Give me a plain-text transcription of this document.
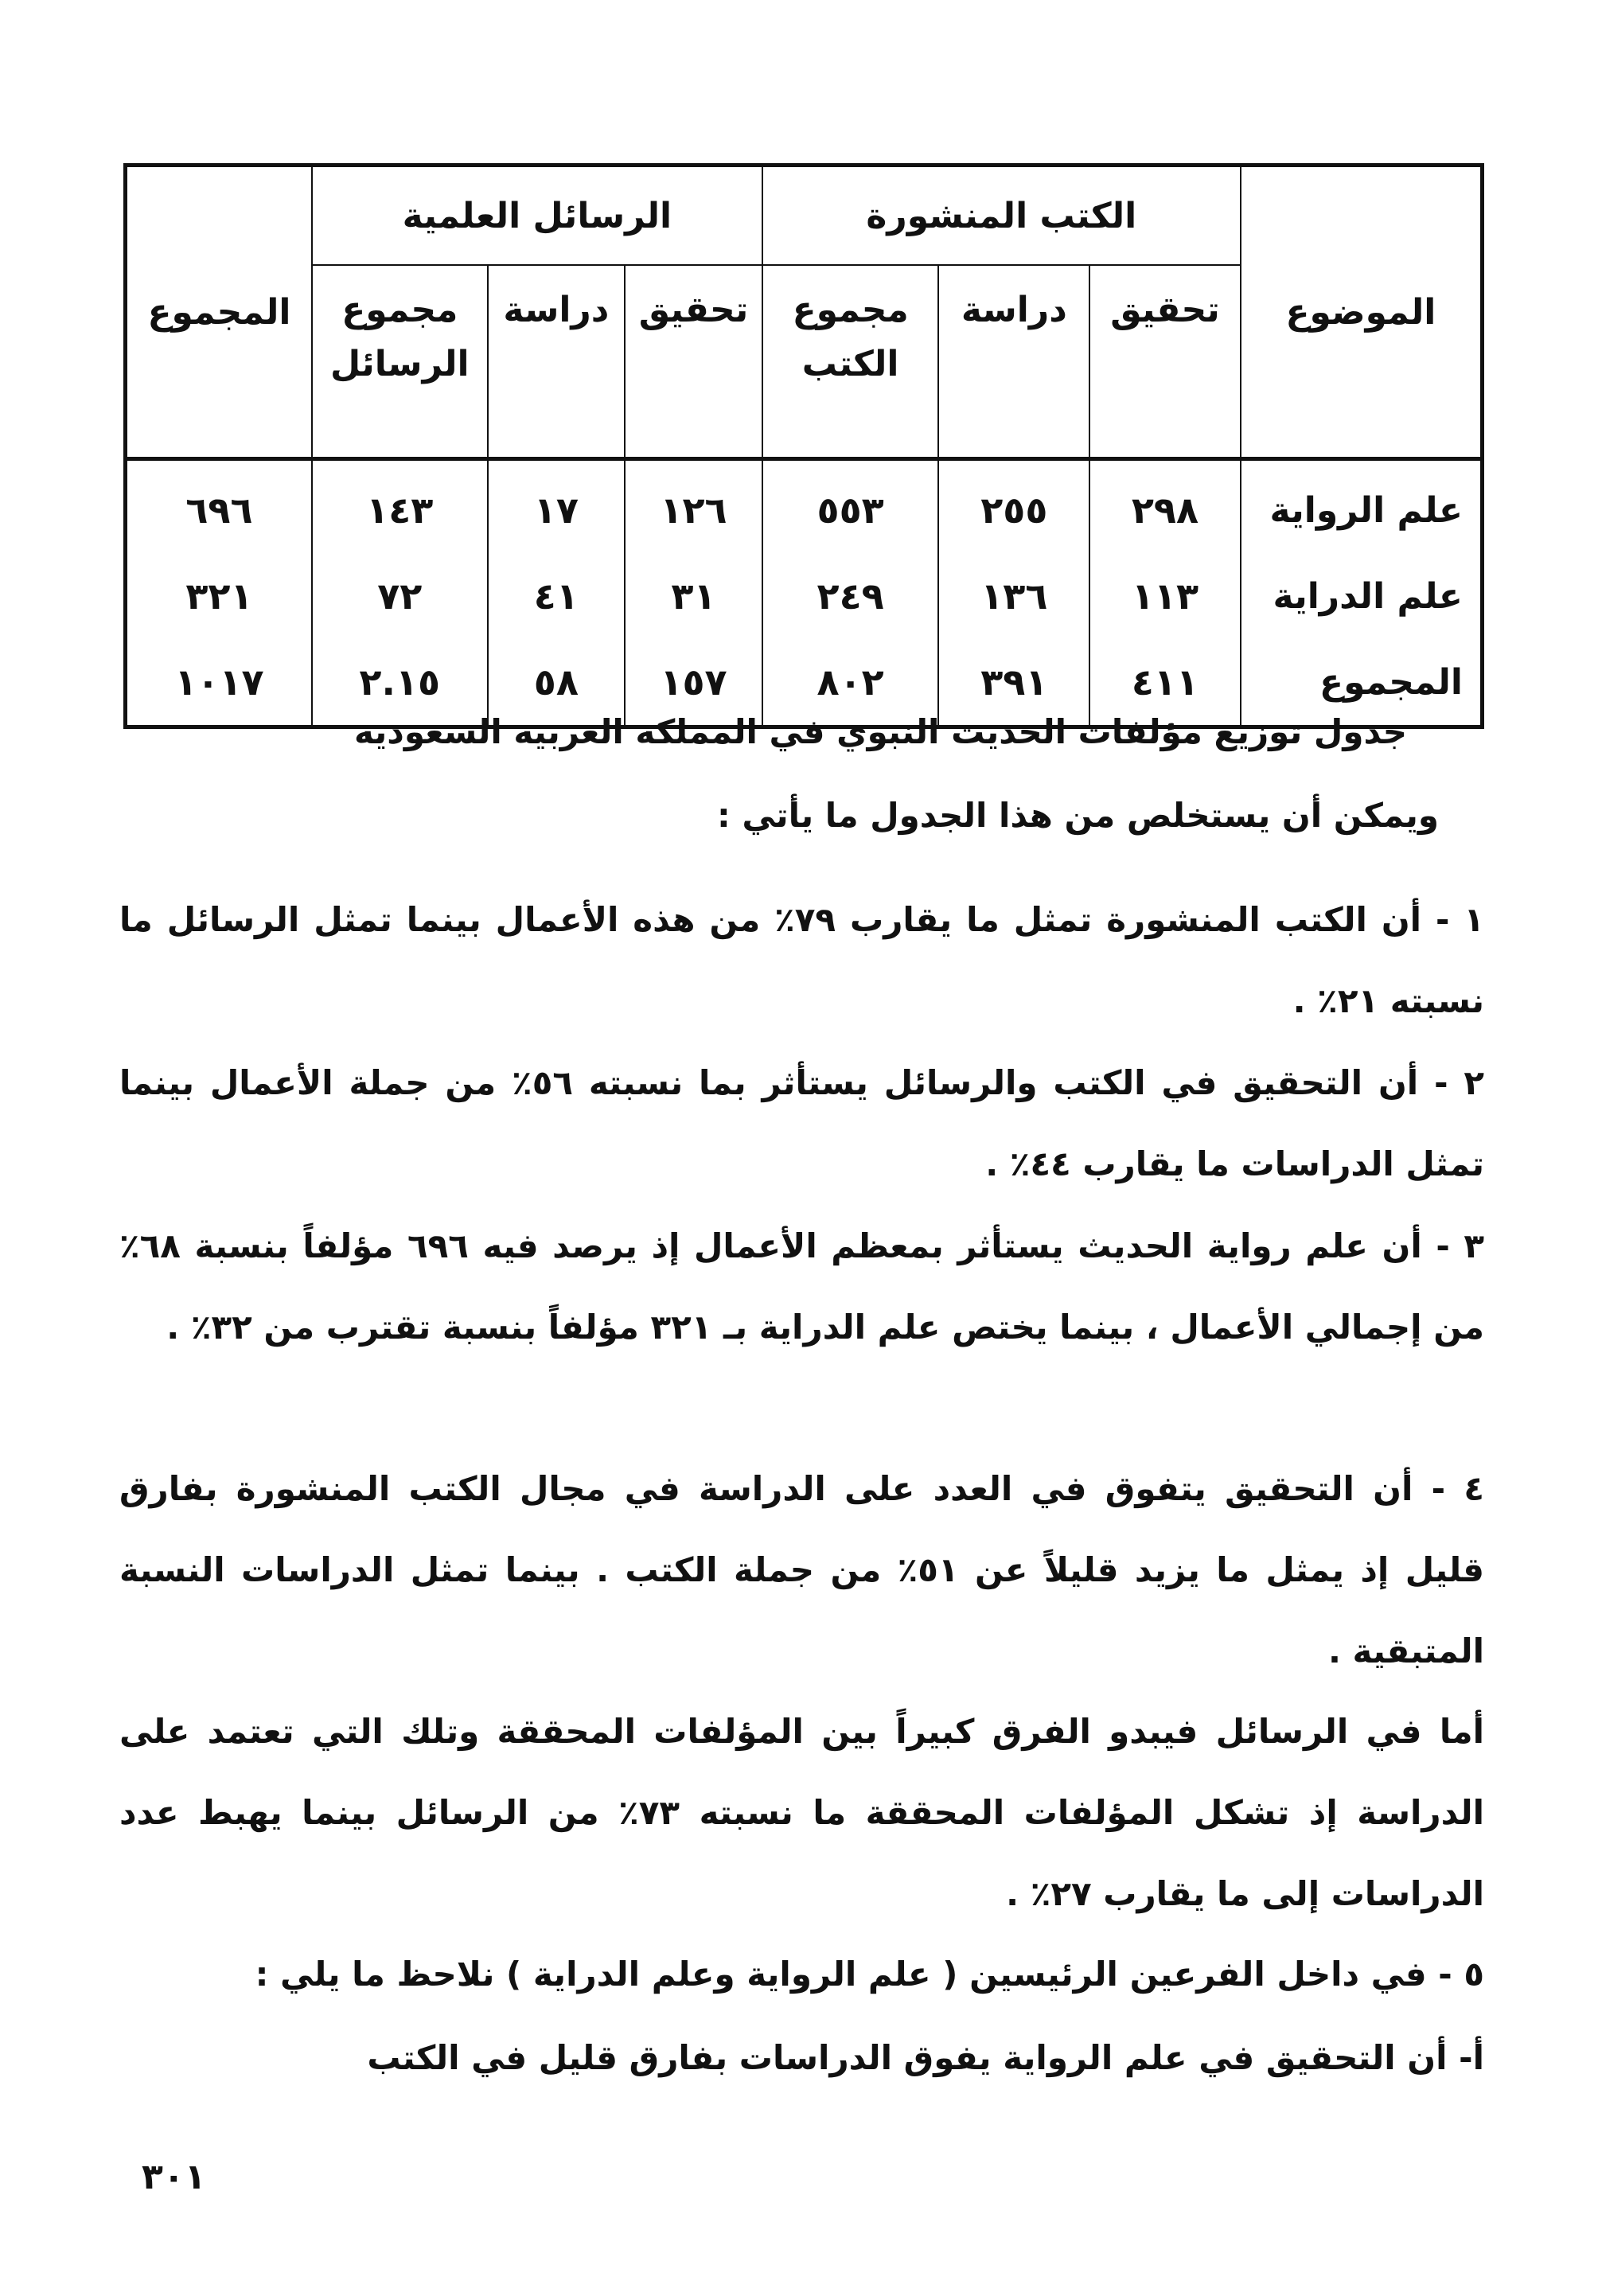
الموضوع	الكتب المنشورة			الرسائل العلمية			المجموع
	تحقيق	دراسة	مجموع الكتب	تحقيق	دراسة	مجموع الرسائل	
علم الرواية	٢٩٨	٢٥٥	٥٥٣	١٢٦	١٧	١٤٣	٦٩٦
علم الدراية	١١٣	١٣٦	٢٤٩	٣١	٤١	٧٢	٣٢١
المجموع	٤١١	٣٩١	٨٠٢	١٥٧	٥٨	٢.١٥	١٠١٧
جدول توزيع مؤلفات الحديث النبوي في المملكة العربية السعودية
ويمكن أن يستخلص من هذا الجدول ما يأتي :

١ - أن الكتب المنشورة تمثل ما يقارب ٧٩٪ من هذه الأعمال بينما تمثل الرسائل ما نسبته ٢١٪ .

٢ - أن التحقيق في الكتب والرسائل يستأثر بما نسبته ٥٦٪ من جملة الأعمال بينما تمثل الدراسات ما يقارب ٤٤٪ .

٣ - أن علم رواية الحديث يستأثر بمعظم الأعمال إذ يرصد فيه ٦٩٦ مؤلفاً بنسبة ٦٨٪ من إجمالي الأعمال ، بينما يختص علم الدراية بـ ٣٢١ مؤلفاً بنسبة تقترب من ٣٢٪ .

٤ - أن التحقيق يتفوق في العدد على الدراسة في مجال الكتب المنشورة بفارق قليل إذ يمثل ما يزيد قليلاً عن ٥١٪ من جملة الكتب . بينما تمثل الدراسات النسبة المتبقية .

أما في الرسائل فيبدو الفرق كبيراً بين المؤلفات المحققة وتلك التي تعتمد على الدراسة إذ تشكل المؤلفات المحققة ما نسبته ٧٣٪ من الرسائل بينما يهبط عدد الدراسات إلى ما يقارب ٢٧٪ .

٥ - في داخل الفرعين الرئيسين ( علم الرواية وعلم الدراية ) نلاحظ ما يلي :

أ- أن التحقيق في علم الرواية يفوق الدراسات بفارق قليل في الكتب

٣٠١
